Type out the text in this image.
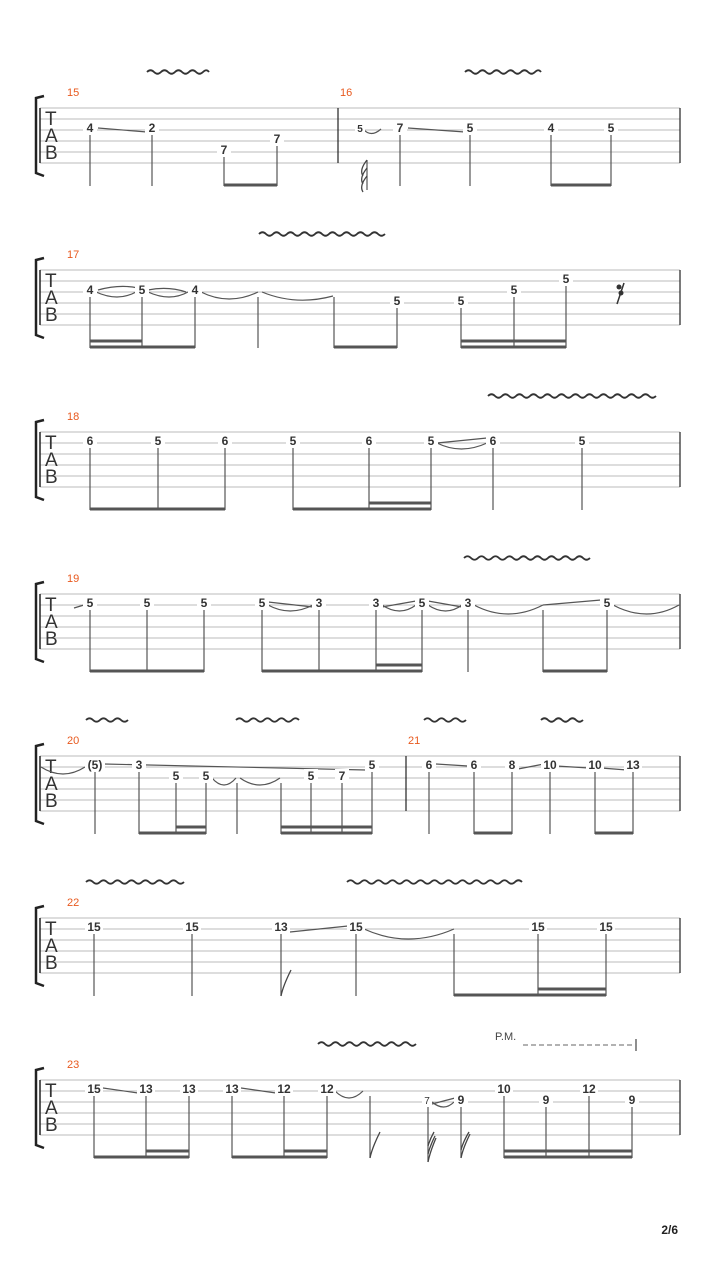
15	16
T
A
B
4	2
7
7
5	7	5	4	5
17
T
A
B
4	5	4
5	5
5
5
18
T
A
B
6	5	6	5	6	5	6	5
19
T
A
B
5	5	5	5	3	3	5	3	5
20	21
T
A
B
(5)	3
5 5	5 7
5	6	6	8 10	10 13
22
T
A
B
15	15	13	15	15	15
P.M.
23
T
A
B
15	13 13 13	12 12
7 9
10
9
12
9
2/6
